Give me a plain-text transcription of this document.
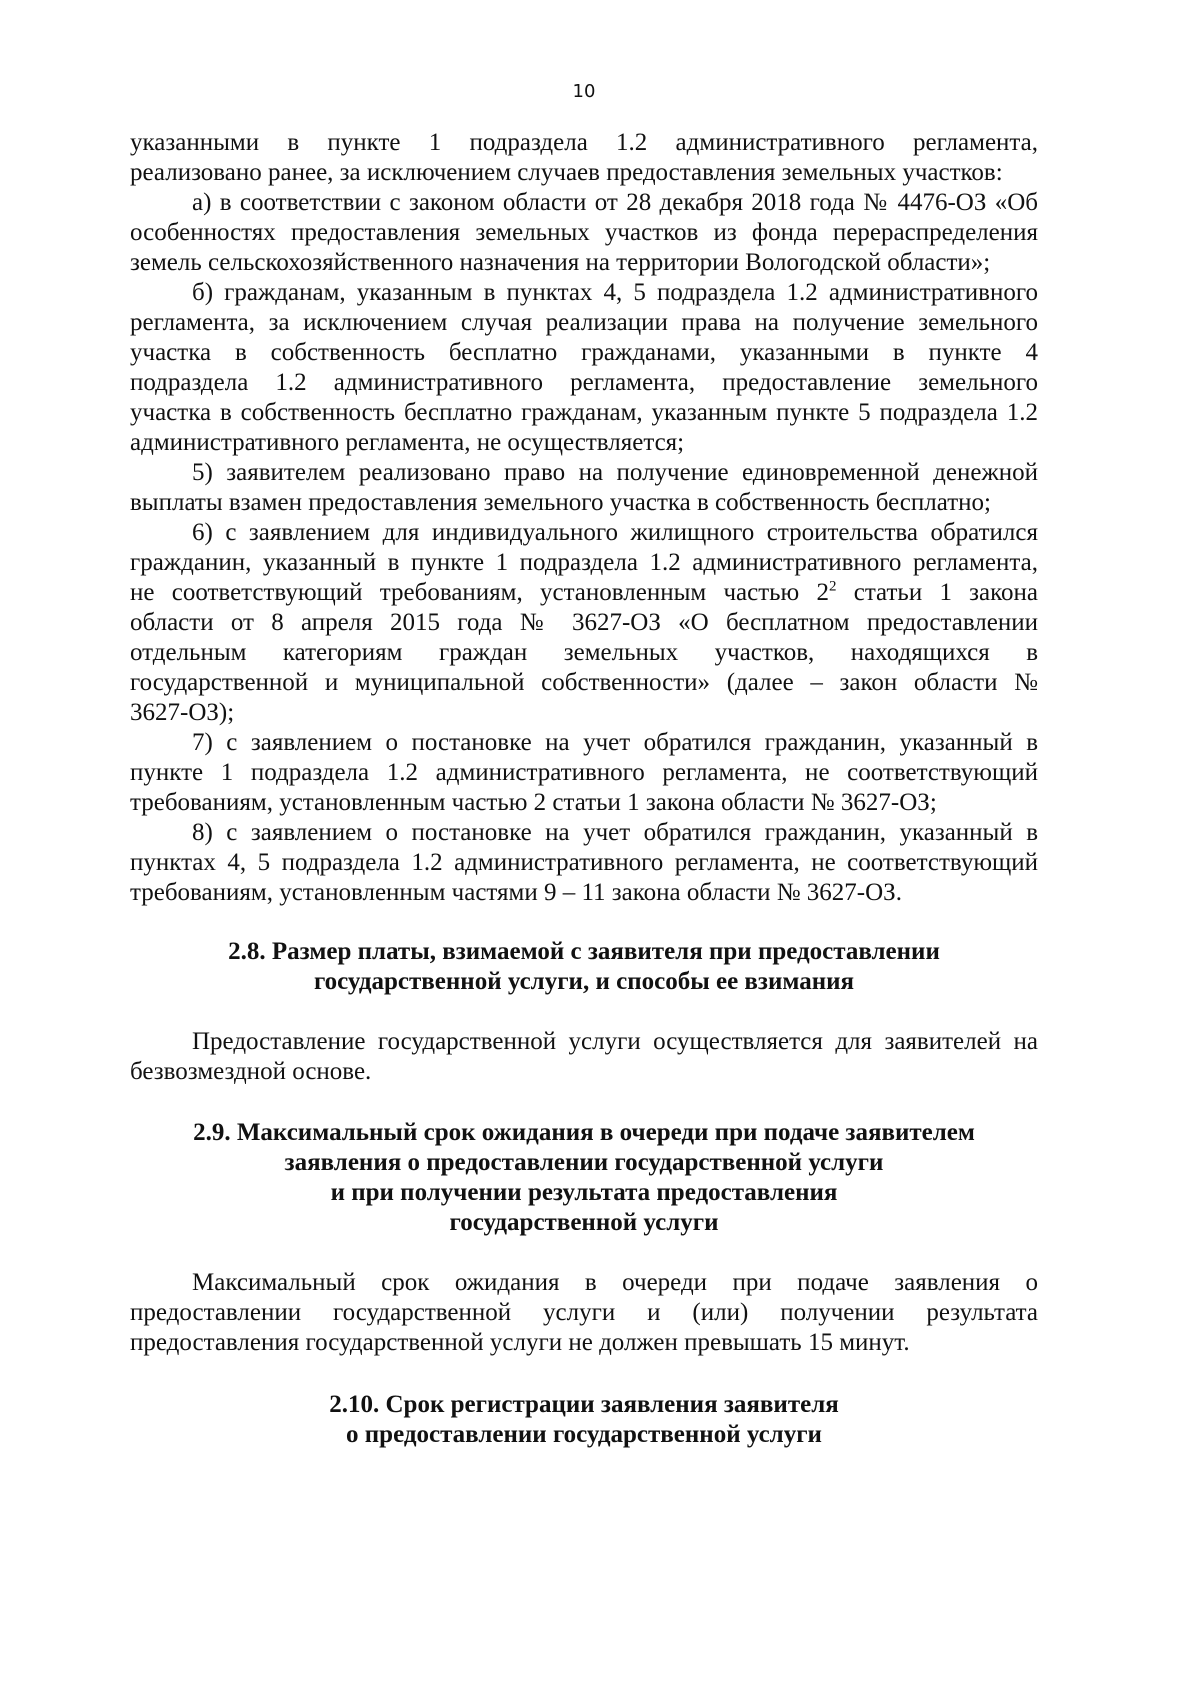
10
указанными в пункте 1 подраздела 1.2 административного регламента,
реализовано ранее, за исключением случаев предоставления земельных участков:
а) в соответствии с законом области от 28 декабря 2018 года № 4476-ОЗ «Об
особенностях предоставления земельных участков из фонда перераспределения
земель сельскохозяйственного назначения на территории Вологодской области»;
б) гражданам, указанным в пунктах 4, 5 подраздела 1.2 административного
регламента, за исключением случая реализации права на получение земельного
участка в собственность бесплатно гражданами, указанными в пункте 4
подраздела 1.2 административного регламента, предоставление земельного
участка в собственность бесплатно гражданам, указанным пункте 5 подраздела 1.2
административного регламента, не осуществляется;
5) заявителем реализовано право на получение единовременной денежной
выплаты взамен предоставления земельного участка в собственность бесплатно;
6) с заявлением для индивидуального жилищного строительства обратился
гражданин, указанный в пункте 1 подраздела 1.2 административного регламента,
не соответствующий требованиям, установленным частью $2^2$ статьи 1 закона
области от 8 апреля 2015 года № 3627-ОЗ «О бесплатном предоставлении
отдельным категориям граждан земельных участков, находящихся в
государственной и муниципальной собственности» (далее – закон области №
3627-ОЗ);
7) с заявлением о постановке на учет обратился гражданин, указанный в
пункте 1 подраздела 1.2 административного регламента, не соответствующий
требованиям, установленным частью 2 статьи 1 закона области № 3627-ОЗ;
8) с заявлением о постановке на учет обратился гражданин, указанный в
пунктах 4, 5 подраздела 1.2 административного регламента, не соответствующий
требованиям, установленным частями 9 – 11 закона области № 3627-ОЗ.
2.8. Размер платы, взимаемой с заявителя при предоставлении
государственной услуги, и способы ее взимания
Предоставление государственной услуги осуществляется для заявителей на
безвозмездной основе.
2.9. Максимальный срок ожидания в очереди при подаче заявителем
заявления о предоставлении государственной услуги
и при получении результата предоставления
государственной услуги
Максимальный срок ожидания в очереди при подаче заявления о
предоставлении государственной услуги и (или) получении результата
предоставления государственной услуги не должен превышать 15 минут.
2.10. Срок регистрации заявления заявителя
о предоставлении государственной услуги
